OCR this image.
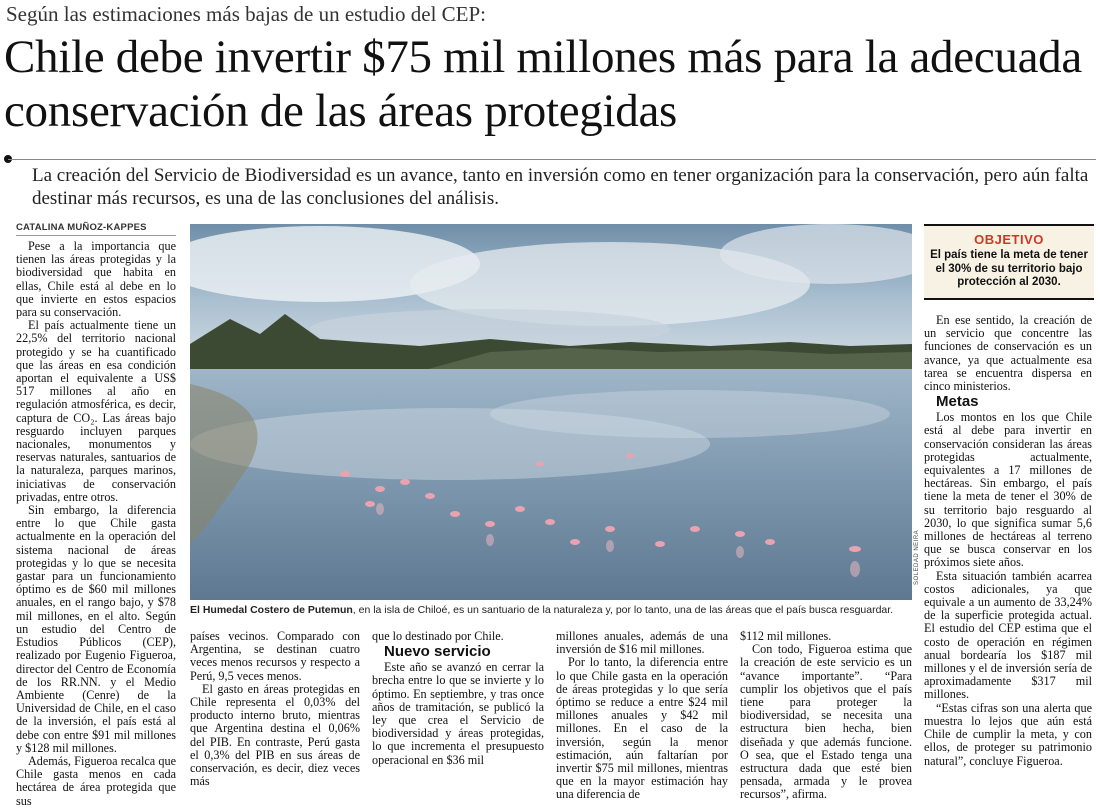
Según las estimaciones más bajas de un estudio del CEP:
Chile debe invertir $75 mil millones más para la adecuada conservación de las áreas protegidas

La creación del Servicio de Biodiversidad es un avance, tanto en inversión como en tener organización para la conservación, pero aún falta destinar más recursos, es una de las conclusiones del análisis.

CATALINA MUÑOZ-KAPPES

Pese a la importancia que tienen las áreas protegidas y la biodiversidad que habita en ellas, Chile está al debe en lo que invierte en estos espacios para su conservación.

El país actualmente tiene un 22,5% del territorio nacional protegido y se ha cuantificado que las áreas en esa condición aportan el equivalente a US$ 517 millones al año en regulación atmosférica, es decir, captura de CO₂. Las áreas bajo resguardo incluyen parques nacionales, monumentos y reservas naturales, santuarios de la naturaleza, parques marinos, iniciativas de conservación privadas, entre otros.

Sin embargo, la diferencia entre lo que Chile gasta actualmente en la operación del sistema nacional de áreas protegidas y lo que se necesita gastar para un funcionamiento óptimo es de $60 mil millones anuales, en el rango bajo, y $78 mil millones, en el alto. Según un estudio del Centro de Estudios Públicos (CEP), realizado por Eugenio Figueroa, director del Centro de Economía de los RR.NN. y el Medio Ambiente (Cenre) de la Universidad de Chile, en el caso de la inversión, el país está al debe con entre $91 mil millones y $128 mil millones.

Además, Figueroa recalca que Chile gasta menos en cada hectárea de área protegida que sus

SOLEDAD NEIRA
El Humedal Costero de Putemun, en la isla de Chiloé, es un santuario de la naturaleza y, por lo tanto, una de las áreas que el país busca resguardar.

países vecinos. Comparado con Argentina, se destinan cuatro veces menos recursos y respecto a Perú, 9,5 veces menos.

El gasto en áreas protegidas en Chile representa el 0,03% del producto interno bruto, mientras que Argentina destina el 0,06% del PIB. En contraste, Perú gasta el 0,3% del PIB en sus áreas de conservación, es decir, diez veces más

que lo destinado por Chile.

Nuevo servicio

Este año se avanzó en cerrar la brecha entre lo que se invierte y lo óptimo. En septiembre, y tras once años de tramitación, se publicó la ley que crea el Servicio de biodiversidad y áreas protegidas, lo que incrementa el presupuesto operacional en $36 mil

millones anuales, además de una inversión de $16 mil millones.

Por lo tanto, la diferencia entre lo que Chile gasta en la operación de áreas protegidas y lo que sería óptimo se reduce a entre $24 mil millones anuales y $42 mil millones. En el caso de la inversión, según la menor estimación, aún faltarían por invertir $75 mil millones, mientras que en la mayor estimación hay una diferencia de

$112 mil millones.

Con todo, Figueroa estima que la creación de este servicio es un “avance importante”. “Para cumplir los objetivos que el país tiene para proteger la biodiversidad, se necesita una estructura bien hecha, bien diseñada y que además funcione. O sea, que el Estado tenga una estructura dada que esté bien pensada, armada y le provea recursos”, afirma.

OBJETIVO
El país tiene la meta de tener el 30% de su territorio bajo protección al 2030.

En ese sentido, la creación de un servicio que concentre las funciones de conservación es un avance, ya que actualmente esa tarea se encuentra dispersa en cinco ministerios.

Metas

Los montos en los que Chile está al debe para invertir en conservación consideran las áreas protegidas actualmente, equivalentes a 17 millones de hectáreas. Sin embargo, el país tiene la meta de tener el 30% de su territorio bajo resguardo al 2030, lo que significa sumar 5,6 millones de hectáreas al terreno que se busca conservar en los próximos siete años.

Esta situación también acarrea costos adicionales, ya que equivale a un aumento de 33,24% de la superficie protegida actual. El estudio del CEP estima que el costo de operación en régimen anual bordearía los $187 mil millones y el de inversión sería de aproximadamente $317 mil millones.

“Estas cifras son una alerta que muestra lo lejos que aún está Chile de cumplir la meta, y con ellos, de proteger su patrimonio natural”, concluye Figueroa.
